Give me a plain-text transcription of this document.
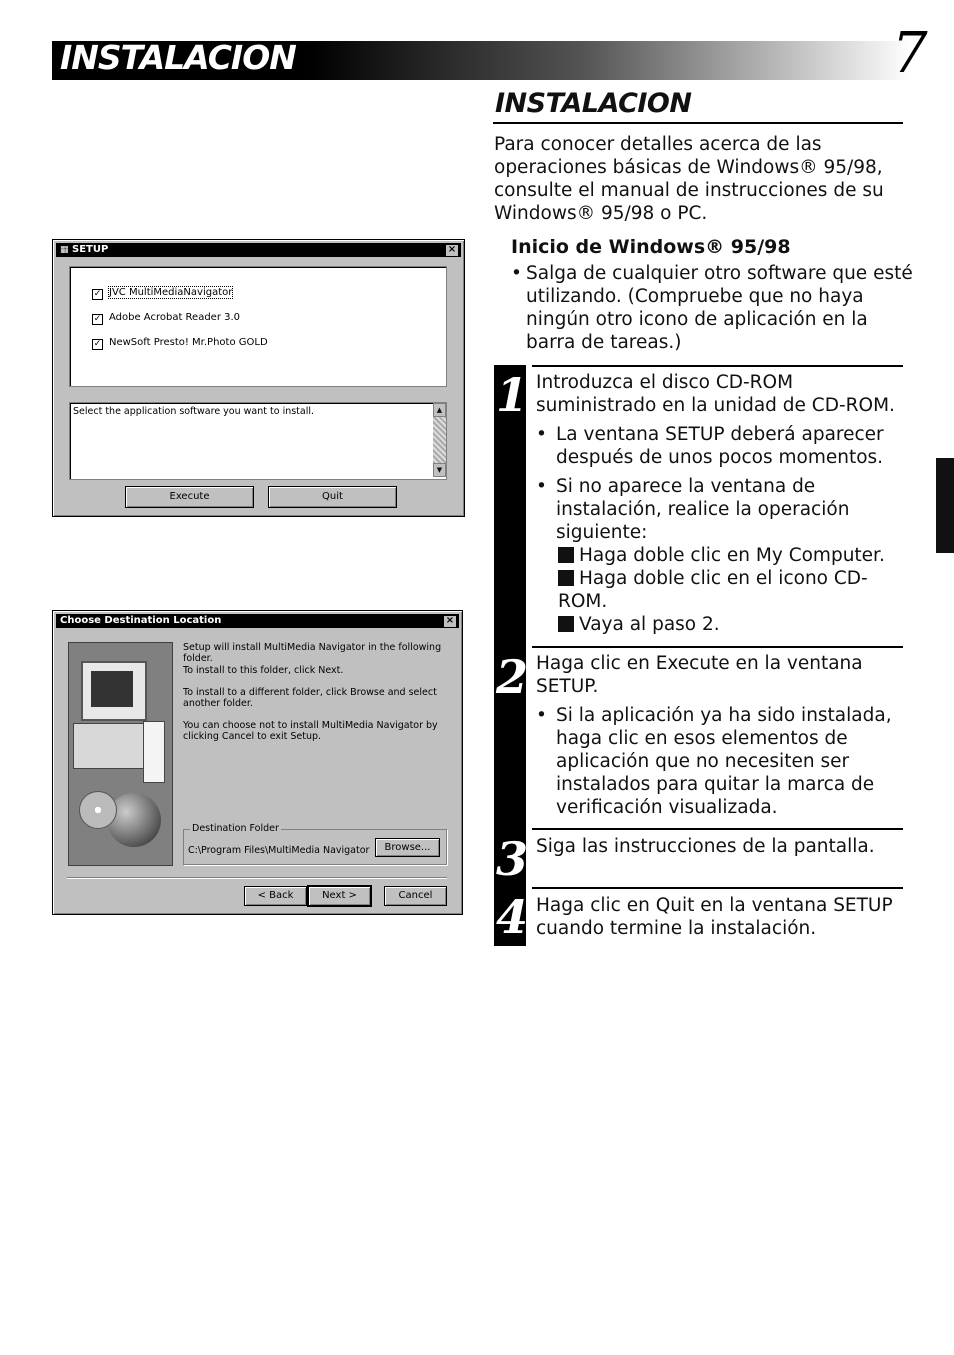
INSTALACION	7
▦ SETUP	×
✓ JVC MultiMediaNavigator
✓ Adobe Acrobat Reader 3.0
✓ NewSoft Presto! Mr.Photo GOLD
Select the application software you want to install.	▲
▼
Execute	Quit
Choose Destination Location	×
Setup will install MultiMedia Navigator in the following folder.
To install to this folder, click Next.
To install to a different folder, click Browse and select another folder.
You can choose not to install MultiMedia Navigator by clicking Cancel to exit Setup.
Destination Folder
C:\Program Files\MultiMedia Navigator	Browse...
< Back	Next >	Cancel
INSTALACION
Para conocer detalles acerca de las operaciones básicas de Windows® 95/98, consulte el manual de instrucciones de su Windows® 95/98 o PC.
Inicio de Windows® 95/98
• Salga de cualquier otro software que esté utilizando. (Compruebe que no haya ningún otro icono de aplicación en la barra de tareas.)
1 Introduzca el disco CD-ROM suministrado en la unidad de CD-ROM.
• La ventana SETUP deberá aparecer después de unos pocos momentos.
• Si no aparece la ventana de instalación, realice la operación siguiente:
Haga doble clic en My Computer.
Haga doble clic en el icono CD-ROM.
Vaya al paso 2.
2 Haga clic en Execute en la ventana SETUP.
• Si la aplicación ya ha sido instalada, haga clic en esos elementos de aplicación que no necesiten ser instalados para quitar la marca de verificación visualizada.
3 Siga las instrucciones de la pantalla.
4 Haga clic en Quit en la ventana SETUP cuando termine la instalación.
